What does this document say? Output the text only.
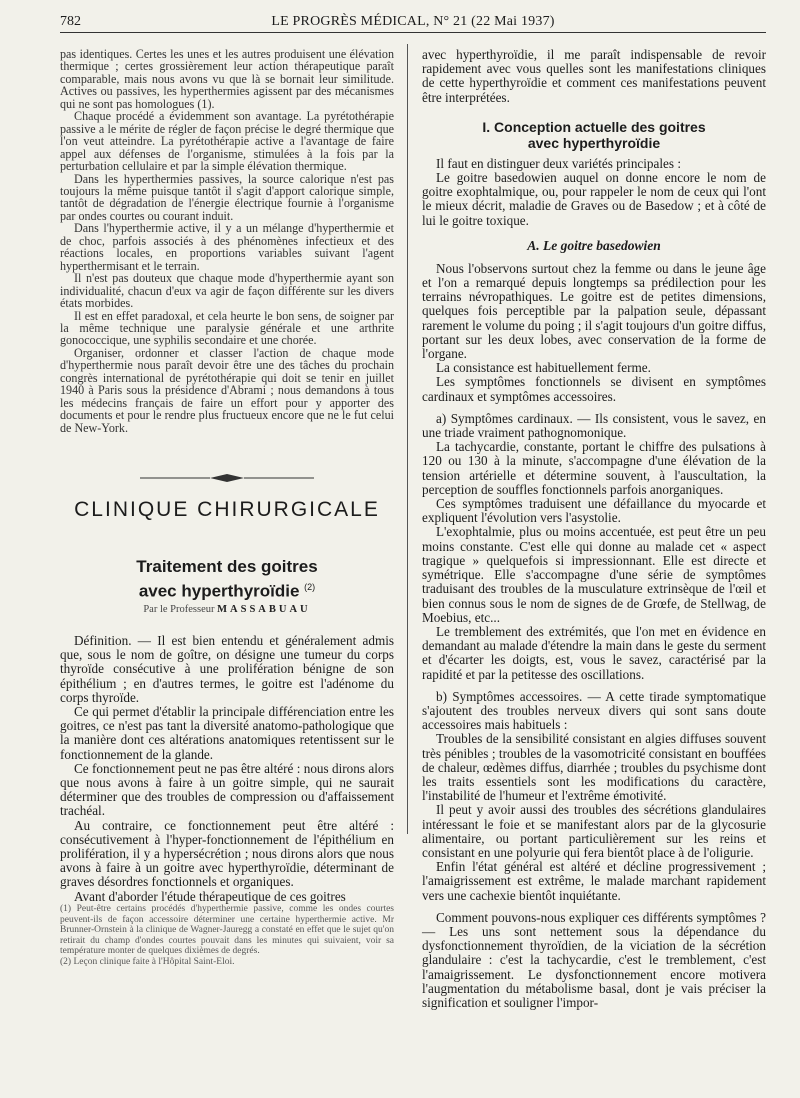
782	LE PROGRÈS MÉDICAL, N° 21 (22 Mai 1937)

pas identiques. Certes les unes et les autres produisent une élévation thermique ; certes grossièrement leur action thérapeutique paraît comparable, mais nous avons vu que là se bornait leur similitude. Actives ou passives, les hyperthermies agissent par des mécanismes qui ne sont pas homologues (1).

Chaque procédé a évidemment son avantage. La pyrétothérapie passive a le mérite de régler de façon précise le degré thermique que l'on veut atteindre. La pyrétothérapie active a l'avantage de faire appel aux défenses de l'organisme, stimulées à la fois par la perturbation cellulaire et par la simple élévation thermique.

Dans les hyperthermies passives, la source calorique n'est pas toujours la même puisque tantôt il s'agit d'apport calorique simple, tantôt de dégradation de l'énergie électrique fournie à l'organisme par ondes courtes ou courant induit.

Dans l'hyperthermie active, il y a un mélange d'hyperthermie et de choc, parfois associés à des phénomènes infectieux et des réactions locales, en proportions variables suivant l'agent hyperthermisant et le terrain.

Il n'est pas douteux que chaque mode d'hyperthermie ayant son individualité, chacun d'eux va agir de façon différente sur les divers états morbides.

Il est en effet paradoxal, et cela heurte le bon sens, de soigner par la même technique une paralysie générale et une arthrite gonococcique, une syphilis secondaire et une chorée.

Organiser, ordonner et classer l'action de chaque mode d'hyperthermie nous paraît devoir être une des tâches du prochain congrès international de pyrétothérapie qui doit se tenir en juillet 1940 à Paris sous la présidence d'Abrami ; nous demandons à tous les médecins français de faire un effort pour y apporter des documents et pour le rendre plus fructueux encore que ne le fut celui de New-York.

CLINIQUE CHIRURGICALE
Traitement des goitres
avec hyperthyroïdie $^{(2)}$
Par le Professeur MASSABUAU

Définition. — Il est bien entendu et généralement admis que, sous le nom de goître, on désigne une tumeur du corps thyroïde consécutive à une prolifération bénigne de son épithélium ; en d'autres termes, le goitre est l'adénome du corps thyroïde.

Ce qui permet d'établir la principale différenciation entre les goitres, ce n'est pas tant la diversité anatomo-pathologique que la manière dont ces altérations anatomiques retentissent sur le fonctionnement de la glande.

Ce fonctionnement peut ne pas être altéré : nous dirons alors que nous avons à faire à un goitre simple, qui ne saurait déterminer que des troubles de compression ou d'affaissement trachéal.

Au contraire, ce fonctionnement peut être altéré : consécutivement à l'hyper-fonctionnement de l'épithélium en prolifération, il y a hypersécrétion ; nous dirons alors que nous avons à faire à un goitre avec hyperthyroïdie, déterminant de graves désordres fonctionnels et organiques.

Avant d'aborder l'étude thérapeutique de ces goitres

(1) Peut-être certains procédés d'hyperthermie passive, comme les ondes courtes peuvent-ils de façon accessoire déterminer une certaine hyperthermie active. Mr Brunner-Ornstein à la clinique de Wagner-Jauregg a constaté en effet que le sujet qu'on retirait du champ d'ondes courtes pouvait dans les minutes qui suivaient, voir sa température monter de quelques dixièmes de degrés.

(2) Leçon clinique faite à l'Hôpital Saint-Eloi.

avec hyperthyroïdie, il me paraît indispensable de revoir rapidement avec vous quelles sont les manifestations cliniques de cette hyperthyroïdie et comment ces manifestations peuvent être interprétées.

I. Conception actuelle des goitres
avec hyperthyroïdie

Il faut en distinguer deux variétés principales :

Le goitre basedowien auquel on donne encore le nom de goitre exophtalmique, ou, pour rappeler le nom de ceux qui l'ont le mieux décrit, maladie de Graves ou de Basedow ; et à côté de lui le goitre toxique.

A. Le goitre basedowien

Nous l'observons surtout chez la femme ou dans le jeune âge et l'on a remarqué depuis longtemps sa prédilection pour les terrains névropathiques. Le goitre est de petites dimensions, quelques fois perceptible par la palpation seule, dépassant rarement le volume du poing ; il s'agit toujours d'un goitre diffus, portant sur les deux lobes, avec conservation de la forme de l'organe.

La consistance est habituellement ferme.

Les symptômes fonctionnels se divisent en symptômes cardinaux et symptômes accessoires.

a) Symptômes cardinaux. — Ils consistent, vous le savez, en une triade vraiment pathognomonique.

La tachycardie, constante, portant le chiffre des pulsations à 120 ou 130 à la minute, s'accompagne d'une élévation de la tension artérielle et détermine souvent, à l'auscultation, la perception de souffles fonctionnels parfois anorganiques.

Ces symptômes traduisent une défaillance du myocarde et expliquent l'évolution vers l'asystolie.

L'exophtalmie, plus ou moins accentuée, est peut être un peu moins constante. C'est elle qui donne au malade cet « aspect tragique » quelquefois si impressionnant. Elle est directe et symétrique. Elle s'accompagne d'une série de symptômes traduisant des troubles de la musculature extrinsèque de l'œil et bien connus sous le nom de signes de de Grœfe, de Stellwag, de Moebius, etc...

Le tremblement des extrémités, que l'on met en évidence en demandant au malade d'étendre la main dans le geste du serment et d'écarter les doigts, est, vous le savez, caractérisé par la rapidité et par la petitesse des oscillations.

b) Symptômes accessoires. — A cette tirade symptomatique s'ajoutent des troubles nerveux divers qui sont sans doute accessoires mais habituels :

Troubles de la sensibilité consistant en algies diffuses souvent très pénibles ; troubles de la vasomotricité consistant en bouffées de chaleur, œdèmes diffus, diarrhée ; troubles du psychisme dont les traits essentiels sont les modifications du caractère, l'instabilité de l'humeur et l'extrême émotivité.

Il peut y avoir aussi des troubles des sécrétions glandulaires intéressant le foie et se manifestant alors par de la glycosurie alimentaire, ou portant particulièrement sur les reins et consistant en une polyurie qui fera bientôt place à de l'oligurie.

Enfin l'état général est altéré et décline progressivement ; l'amaigrissement est extrême, le malade marchant rapidement vers une cachexie bientôt inquiétante.

Comment pouvons-nous expliquer ces différents symptômes ? — Les uns sont nettement sous la dépendance du dysfonctionnement thyroïdien, de la viciation de la sécrétion glandulaire : c'est la tachycardie, c'est le tremblement, c'est l'amaigrissement. Le dysfonctionnement encore motivera l'augmentation du métabolisme basal, dont je vais préciser la signification et souligner l'impor-
